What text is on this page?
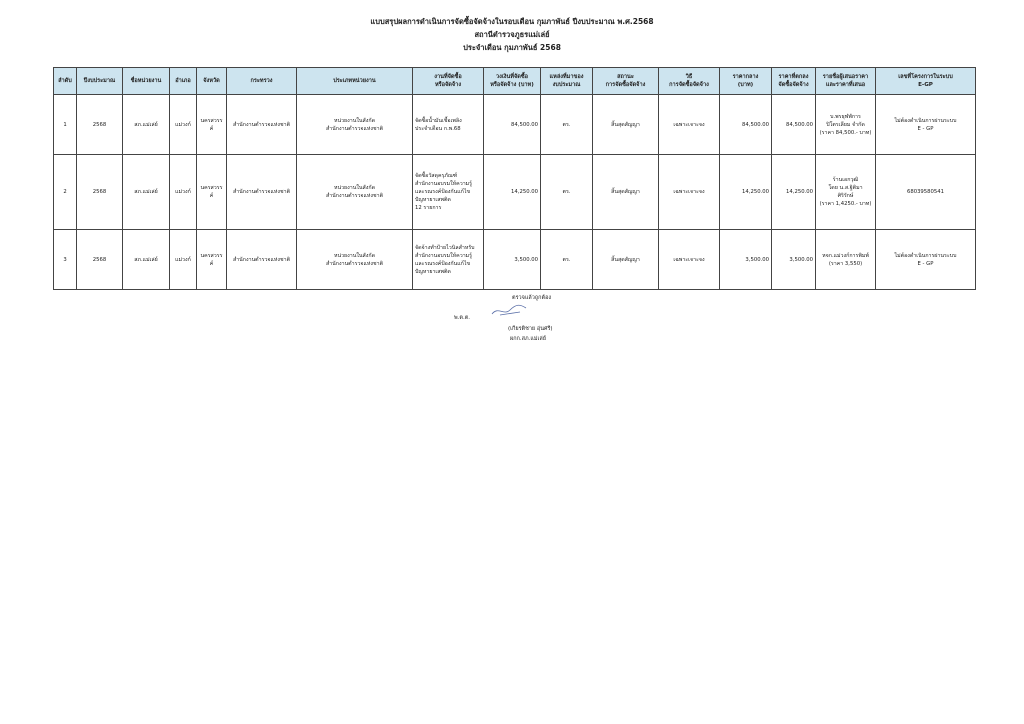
แบบสรุปผลการดำเนินการจัดซื้อจัดจ้างในรอบเดือน กุมภาพันธ์ ปีงบประมาณ พ.ศ.2568
สถานีตำรวจภูธรแม่เล่ย์
ประจำเดือน กุมภาพันธ์ 2568
ลำดับ	ปีงบประมาณ	ชื่อหน่วยงาน	อำเภอ	จังหวัด	กระทรวง	ประเภทหน่วยงาน	งานที่จัดซื้อ
หรือจัดจ้าง	วงเงินที่จัดซื้อ
หรือจัดจ้าง (บาท)	แหล่งที่มาของ
งบประมาณ	สถานะ
การจัดซื้อจัดจ้าง	วิธี
การจัดซื้อจัดจ้าง	ราคากลาง
(บาท)	ราคาที่ตกลง
จัดซื้อจัดจ้าง	รายชื่อผู้เสนอราคา
และราคาที่เสนอ	เลขที่โครงการในระบบ
E-GP

1	2568	สภ.แม่เล่ย์	แม่วงก์	นครสวรรค์	สำนักงานตำรวจแห่งชาติ	หน่วยงานในสังกัด
สำนักงานตำรวจแห่งชาติ	จัดซื้อน้ำมันเชื้อเพลิง
ประจำเดือน ก.พ.68	84,500.00	ตร.	สิ้นสุดสัญญา	เฉพาะเจาะจง	84,500.00	84,500.00	บ.พรธุฬพัการ
ปิโตรเลียม จำกัด
(ราคา 84,500.- บาท)	ไม่ต้องดำเนินการผ่านระบบ
E - GP

2	2568	สภ.แม่เล่ย์	แม่วงก์	นครสวรรค์	สำนักงานตำรวจแห่งชาติ	หน่วยงานในสังกัด
สำนักงานตำรวจแห่งชาติ	จัดซื้อวัสดุครุภัณฑ์
สำนักงานอบรมให้ความรู้
และรณรงค์ป้องกันแก้ไข
ปัญหายาเสพติด
12 รายการ	14,250.00	ตร.	สิ้นสุดสัญญา	เฉพาะเจาะจง	14,250.00	14,250.00	ร้านเอกวุฒิ
โดย น.ส.ฐิติมา
ศิริรักษ์
(ราคา 1,4250.- บาท)	68039580541

3	2568	สภ.แม่เล่ย์	แม่วงก์	นครสวรรค์	สำนักงานตำรวจแห่งชาติ	หน่วยงานในสังกัด
สำนักงานตำรวจแห่งชาติ	จัดจ้างทำป้ายไวนิลสำหรับ
สำนักงานอบรมให้ความรู้
และรณรงค์ป้องกันแก้ไข
ปัญหายาเสพติด	3,500.00	ตร.	สิ้นสุดสัญญา	เฉพาะเจาะจง	3,500.00	3,500.00	หจก.แม่วงก์การพิมพ์
(ราคา 3,550)	ไม่ต้องดำเนินการผ่านระบบ
E - GP
ตรวจแล้วถูกต้อง
พ.ต.ต.
(เกียรติชาย อุ่นศรี)
ผกก.สภ.แม่เล่ย์
